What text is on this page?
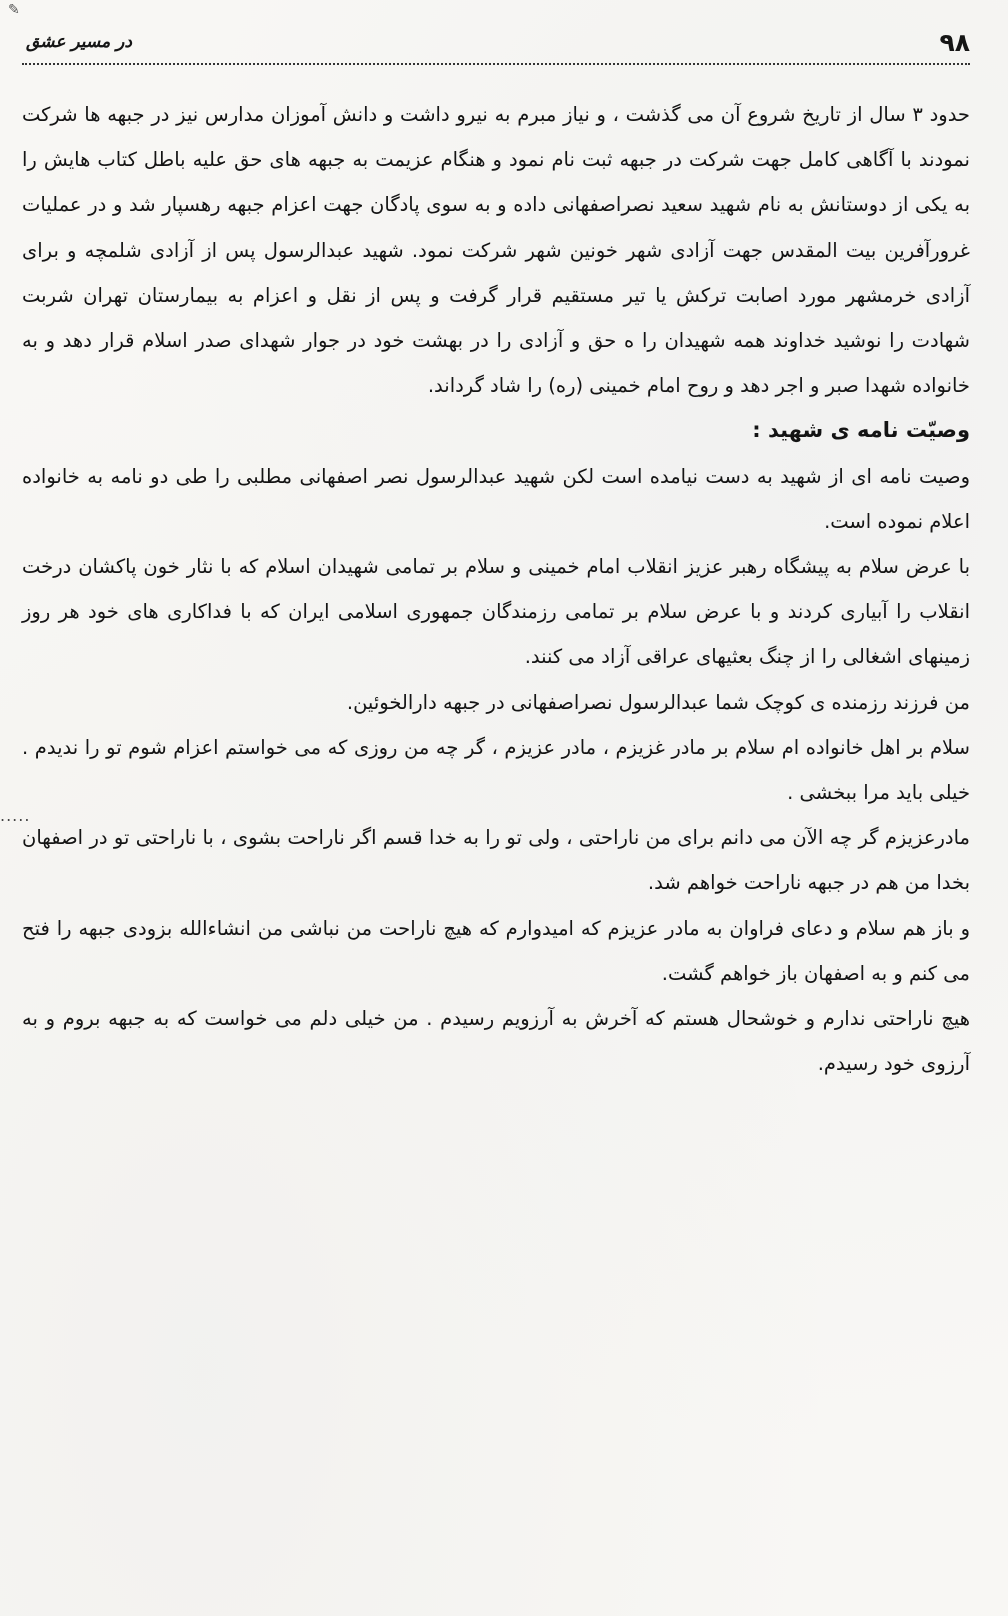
✎
در مسیر عشق	۹۸
.....

حدود ۳ سال از تاریخ شروع آن می گذشت ، و نیاز مبرم به نیرو داشت و دانش آموزان مدارس نیز در جبهه ها شرکت نمودند با آگاهی کامل جهت شرکت در جبهه ثبت نام نمود و هنگام عزیمت به جبهه های حق علیه باطل کتاب هایش را به یکی از دوستانش به نام شهید سعید نصراصفهانی داده و به سوی پادگان جهت اعزام جبهه رهسپار شد و در عملیات غرورآفرین بیت المقدس جهت آزادی شهر خونین شهر شرکت نمود. شهید عبدالرسول پس از آزادی شلمچه و برای آزادی خرمشهر مورد اصابت ترکش یا تیر مستقیم قرار گرفت و پس از نقل و اعزام به بیمارستان تهران شربت شهادت را نوشید خداوند همه شهیدان را ه حق و آزادی را در بهشت خود در جوار شهدای صدر اسلام قرار دهد و به خانواده شهدا صبر و اجر دهد و روح امام خمینی (ره) را شاد گرداند.

وصیّت نامه ی شهید :

وصیت نامه ای از شهید به دست نیامده است لکن شهید عبدالرسول نصر اصفهانی مطلبی را طی دو نامه به خانواده اعلام نموده است.

با عرض سلام به پیشگاه رهبر عزیز انقلاب امام خمینی و سلام بر تمامی شهیدان اسلام که با نثار خون پاکشان درخت انقلاب را آبیاری کردند و با عرض سلام بر تمامی رزمندگان جمهوری اسلامی ایران که با فداکاری های خود هر روز زمینهای اشغالی را از چنگ بعثیهای عراقی آزاد می کنند.

من فرزند رزمنده ی کوچک شما عبدالرسول نصراصفهانی در جبهه دارالخوئین.

سلام بر اهل خانواده ام سلام بر مادر غزیزم ، مادر عزیزم ، گر چه من روزی که می خواستم اعزام شوم تو را ندیدم . خیلی باید مرا ببخشی .

مادرعزیزم گر چه الآن می دانم برای من ناراحتی ، ولی تو را به خدا قسم اگر ناراحت بشوی ، با ناراحتی تو در اصفهان بخدا من هم در جبهه ناراحت خواهم شد.

و باز هم سلام و دعای فراوان به مادر عزیزم که امیدوارم که هیچ ناراحت من نباشی من انشاءالله بزودی جبهه را فتح می کنم و به اصفهان باز خواهم گشت.

هیچ ناراحتی ندارم و خوشحال هستم که آخرش به آرزویم رسیدم . من خیلی دلم می خواست که به جبهه بروم و به آرزوی خود رسیدم.
